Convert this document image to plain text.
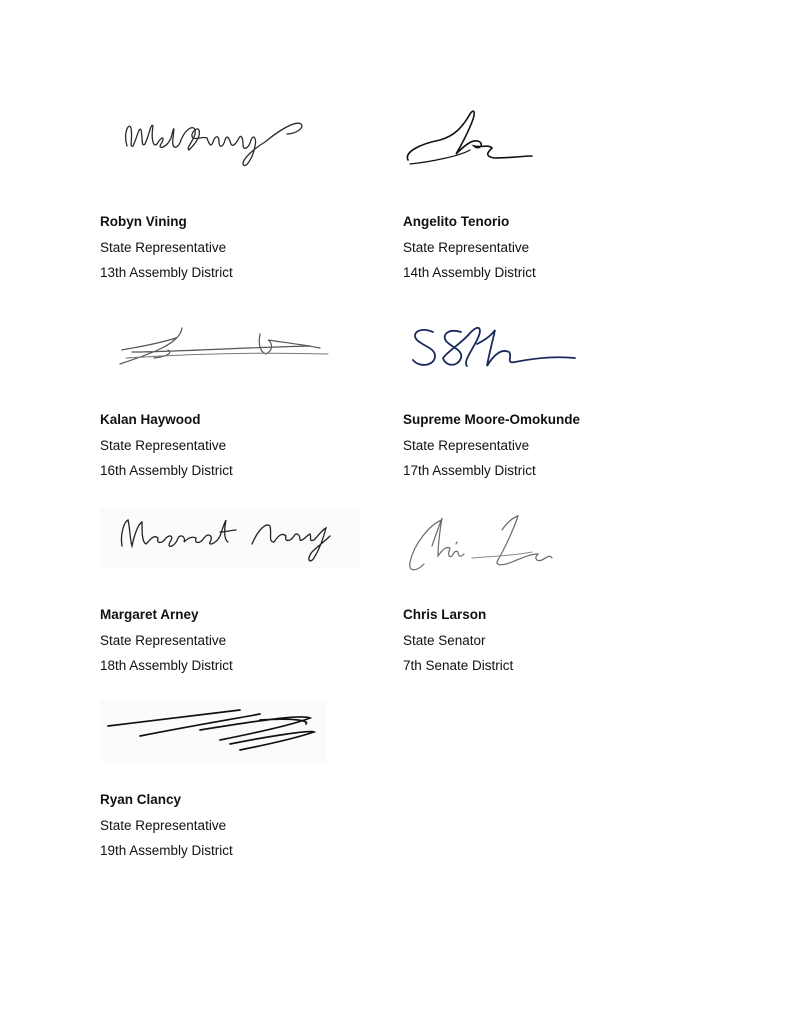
Robyn Vining
State Representative
13th Assembly District
Angelito Tenorio
State Representative
14th Assembly District
Kalan Haywood
State Representative
16th Assembly District
Supreme Moore-Omokunde
State Representative
17th Assembly District
Margaret Arney
State Representative
18th Assembly District
Chris Larson
State Senator
7th Senate District
Ryan Clancy
State Representative
19th Assembly District
